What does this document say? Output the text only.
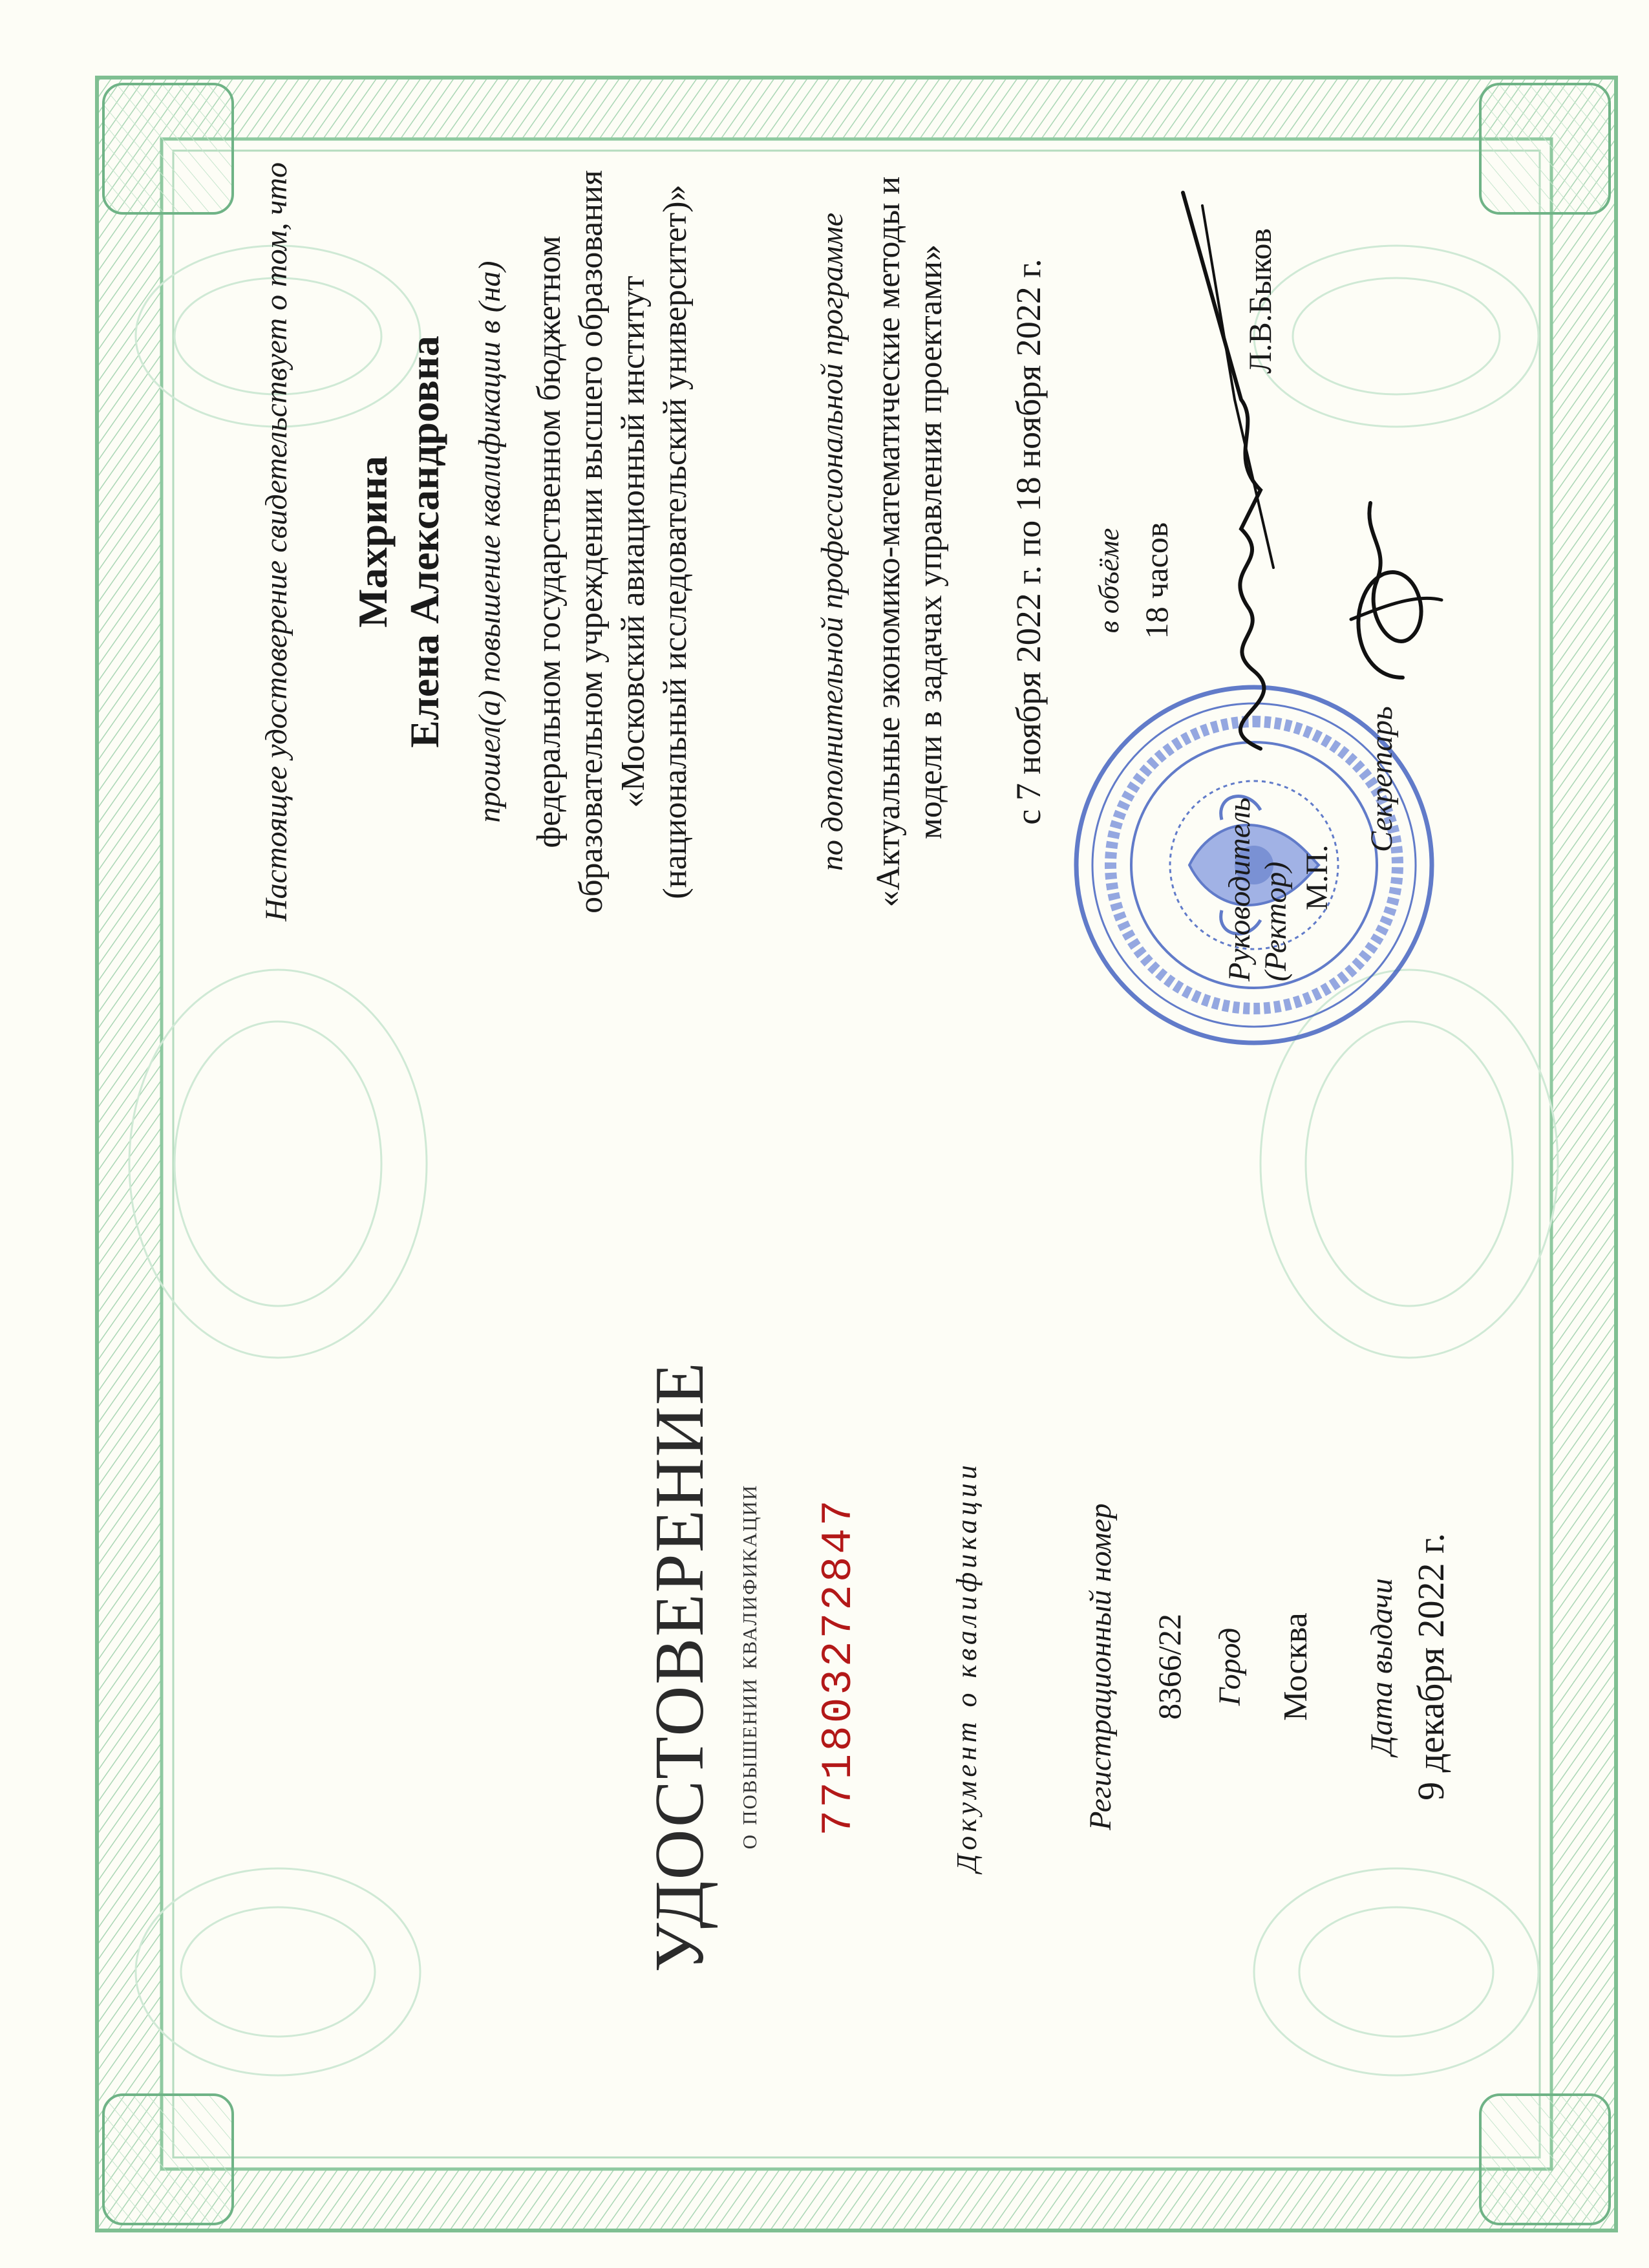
УДОСТОВЕРЕНИЕ о повышении квалификации 771803272847	Документ о квалификации	Регистрационный номер 8366/22 Город Москва Дата выдачи 9 декабря 2022 г.
Настоящее удостоверение свидетельствует о том, что Махрина Елена Александровна прошел(а) повышение квалификации в (на) федеральном государственном бюджетном образовательном учреждении высшего образования «Московский авиационный институт (национальный исследовательский университет)»	по дополнительной профессиональной программе «Актуальные экономико-математические методы и модели в задачах управления проектами» с 7 ноября 2022 г. по 18 ноября 2022 г. в объёме 18 часов
Руководитель
(Ректор)
Л.В.Быков
М.П.
Секретарь
